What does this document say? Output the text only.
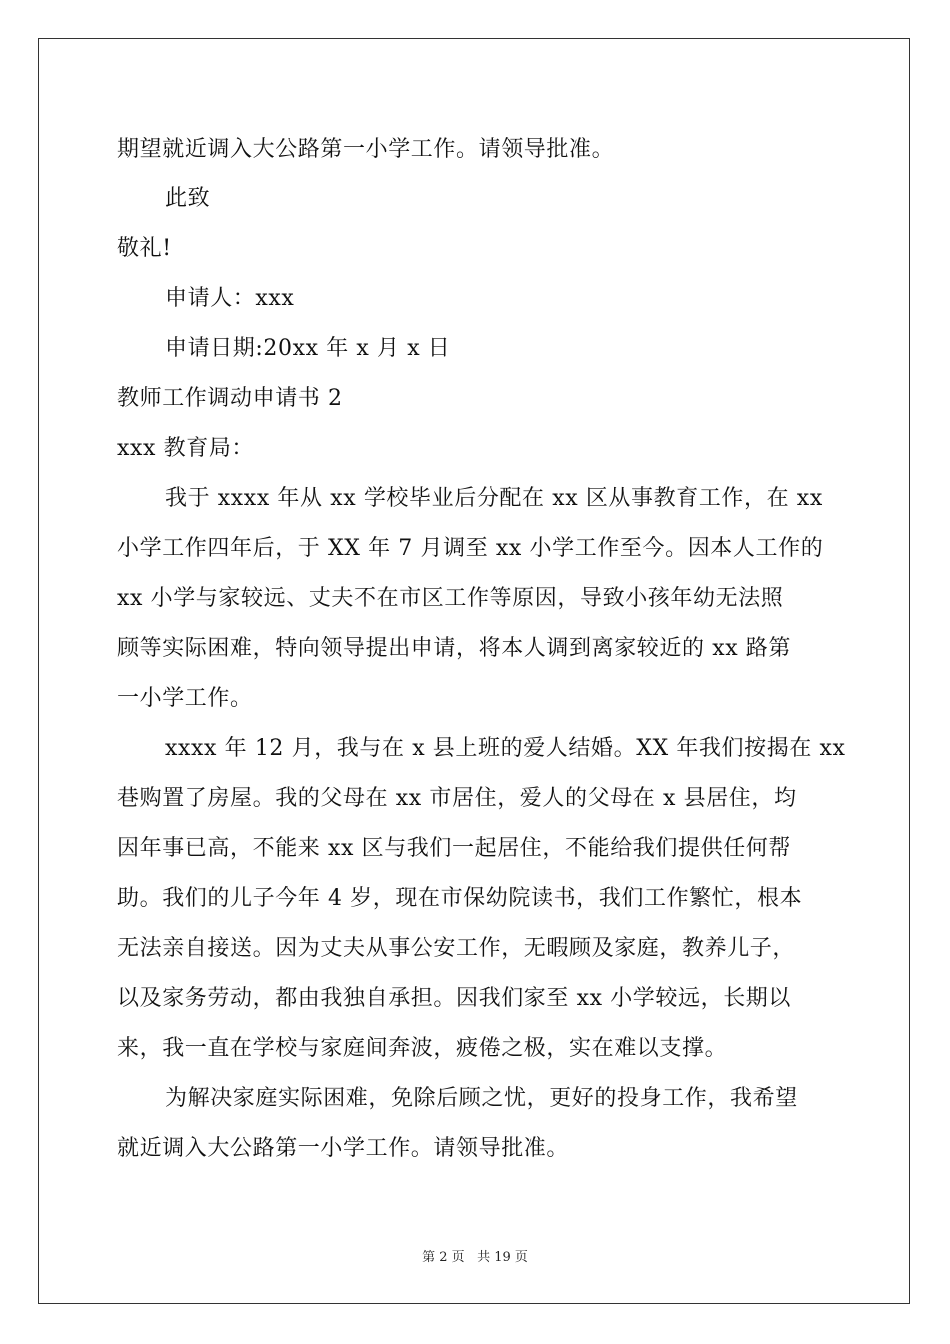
期望就近调入大公路第一小学工作。请领导批准。
此致
敬礼!
申请人：xxx
申请日期:20xx 年 x 月 x 日
教师工作调动申请书 2
xxx 教育局：
我于 xxxx 年从 xx 学校毕业后分配在 xx 区从事教育工作，在 xx
小学工作四年后，于 XX 年 7 月调至 xx 小学工作至今。因本人工作的
xx 小学与家较远、丈夫不在市区工作等原因，导致小孩年幼无法照
顾等实际困难，特向领导提出申请，将本人调到离家较近的 xx 路第
一小学工作。
xxxx 年 12 月，我与在 x 县上班的爱人结婚。XX 年我们按揭在 xx
巷购置了房屋。我的父母在 xx 市居住，爱人的父母在 x 县居住，均
因年事已高，不能来 xx 区与我们一起居住，不能给我们提供任何帮
助。我们的儿子今年 4 岁，现在市保幼院读书，我们工作繁忙，根本
无法亲自接送。因为丈夫从事公安工作，无暇顾及家庭，教养儿子，
以及家务劳动，都由我独自承担。因我们家至 xx 小学较远，长期以
来，我一直在学校与家庭间奔波，疲倦之极，实在难以支撑。
为解决家庭实际困难，免除后顾之忧，更好的投身工作，我希望
就近调入大公路第一小学工作。请领导批准。
第 2 页 共 19 页
